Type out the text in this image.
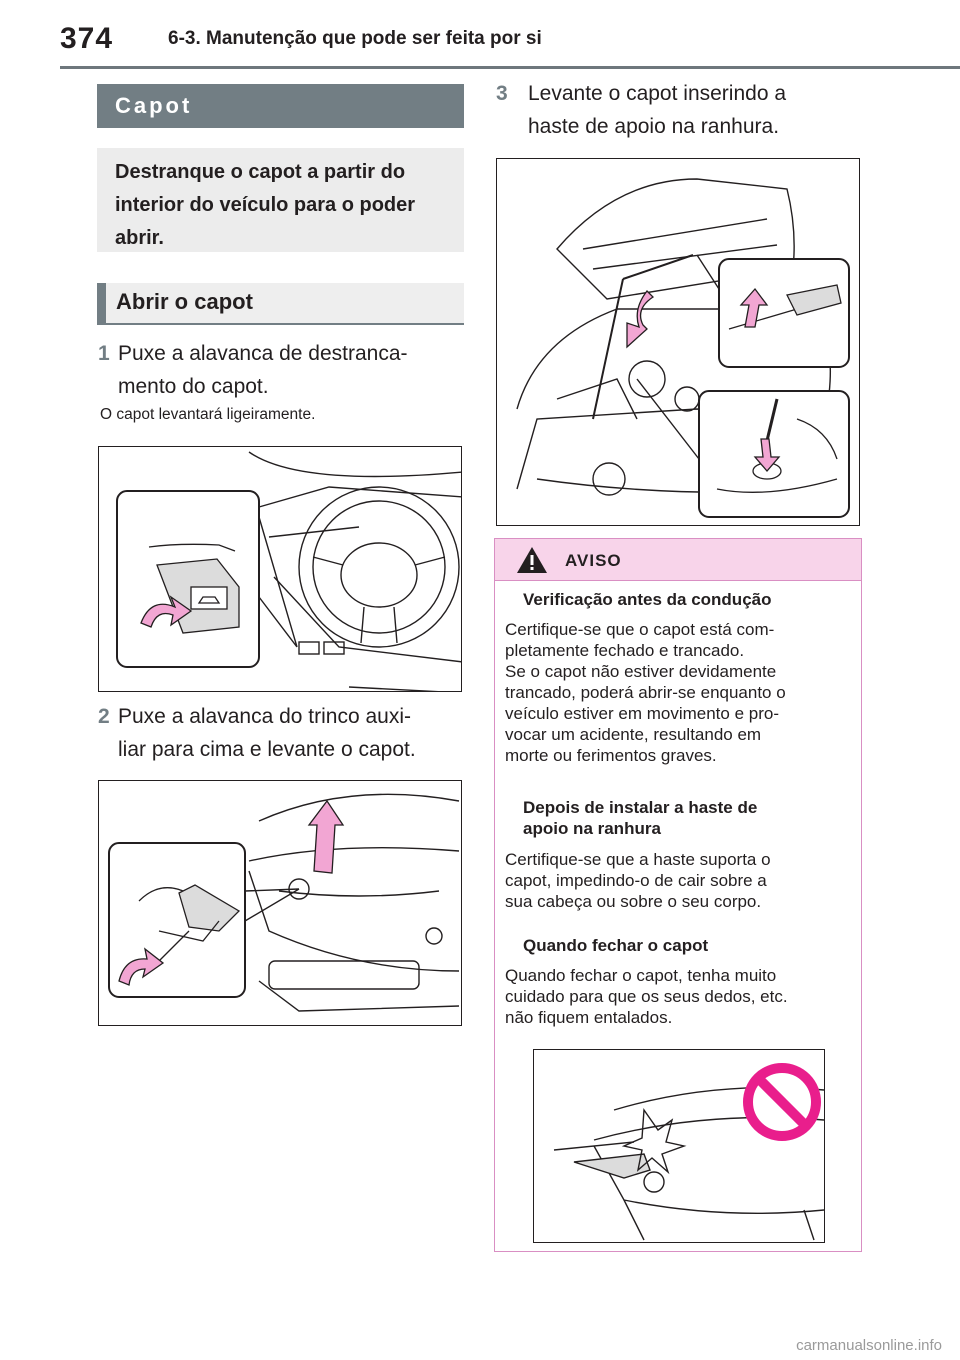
374	6-3. Manutenção que pode ser feita por si
Capot

Destranque o capot a partir do interior do veículo para o poder abrir.

Abrir o capot
1 Puxe a alavanca de destranca-
mento do capot.
O capot levantará ligeiramente.
2 Puxe a alavanca do trinco auxi-
liar para cima e levante o capot.
3 Levante o capot inserindo a
haste de apoio na ranhura.
AVISO
Verificação antes da condução
Certifique-se que o capot está com-
pletamente fechado e trancado.
Se o capot não estiver devidamente
trancado, poderá abrir-se enquanto o
veículo estiver em movimento e pro-
vocar um acidente, resultando em
morte ou ferimentos graves.
Depois de instalar a haste de
apoio na ranhura
Certifique-se que a haste suporta o
capot, impedindo-o de cair sobre a
sua cabeça ou sobre o seu corpo.
Quando fechar o capot
Quando fechar o capot, tenha muito
cuidado para que os seus dedos, etc.
não fiquem entalados.
carmanualsonline.info
